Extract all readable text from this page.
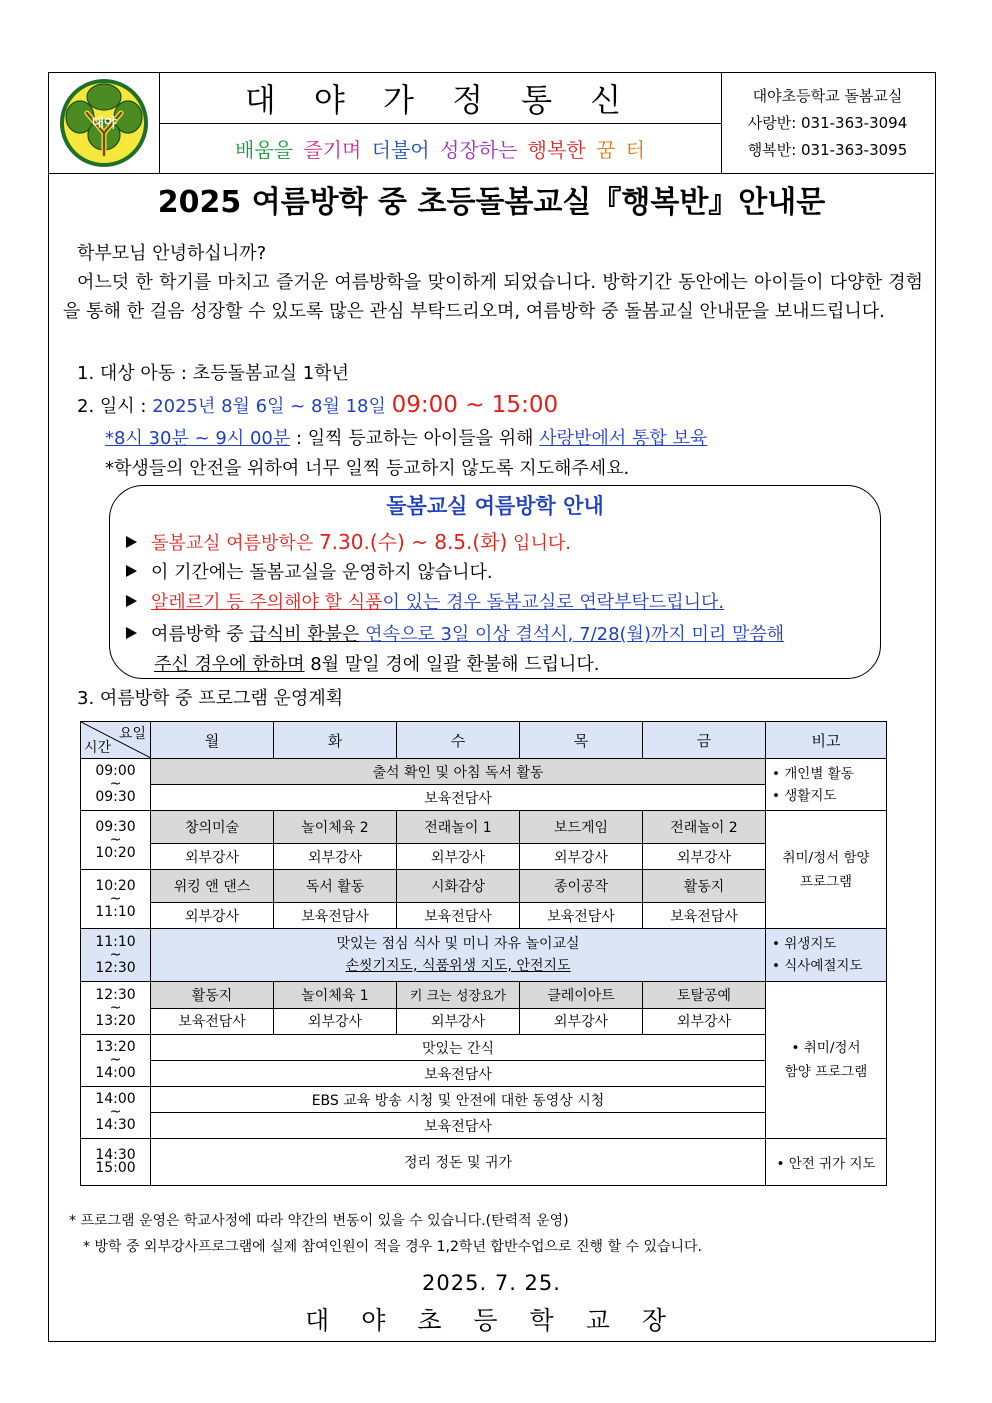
대야
대 야 가 정 통 신
배움을
즐기며
더불어
성장하는
행복한
꿈
터
대야초등학교 돌봄교실
사랑반: 031-363-3094
행복반: 031-363-3095
2025 여름방학 중 초등돌봄교실『행복반』안내문
학부모님 안녕하십니까?
어느덧 한 학기를 마치고 즐거운 여름방학을 맞이하게 되었습니다. 방학기간 동안에는 아이들이 다양한 경험을 통해 한 걸음 성장할 수 있도록 많은 관심 부탁드리오며, 여름방학 중 돌봄교실 안내문을 보내드립니다.
1. 대상 아동 : 초등돌봄교실 1학년
2. 일시 : 2025년 8월 6일 ~ 8월 18일 09:00 ~ 15:00
*8시 30분 ~ 9시 00분 : 일찍 등교하는 아이들을 위해 사랑반에서 통합 보육
*학생들의 안전을 위하여 너무 일찍 등교하지 않도록 지도해주세요.
돌봄교실 여름방학 안내
돌봄교실 여름방학은 7.30.(수) ~ 8.5.(화) 입니다.
이 기간에는 돌봄교실을 운영하지 않습니다.
알레르기 등 주의해야 할 식품이 있는 경우 돌봄교실로 연락부탁드립니다.
여름방학 중 급식비 환불은 연속으로 3일 이상 결석시, 7/28(월)까지 미리 말씀해
주신 경우에 한하며 8월 말일 경에 일괄 환불해 드립니다.
3. 여름방학 중 프로그램 운영계획
요일
시간	월	화	수	목	금	비고

09:00
~
09:30	출석 확인 및 아침 독서 활동					• 개인별 활동
• 생활지도

	보육전담사					

09:30
~
10:20	창의미술	놀이체육 2	전래놀이 1	보드게임	전래놀이 2	취미/정서 함양
프로그램

	외부강사	외부강사	외부강사	외부강사	외부강사	

10:20
~
11:10	위킹 앤 댄스	독서 활동	시화감상	종이공작	활동지	
	외부강사	보육전담사	보육전담사	보육전담사	보육전담사	

11:10
~
12:30	맛있는 점심 식사 및 미니 자유 놀이교실
손씻기지도, 식품위생 지도, 안전지도					• 위생지도
• 식사예절지도

12:30
~
13:20	활동지	놀이체육 1	키 크는 성장요가	클레이아트	토탈공예	• 취미/정서
함양 프로그램

	보육전담사	외부강사	외부강사	외부강사	외부강사	

13:20
~
14:00	맛있는 간식					
	보육전담사					

14:00
~
14:30	EBS 교육 방송 시청 및 안전에 대한 동영상 시청					
	보육전담사					

14:30
15:00	정리 정돈 및 귀가					• 안전 귀가 지도
* 프로그램 운영은 학교사정에 따라 약간의 변동이 있을 수 있습니다.(탄력적 운영)
* 방학 중 외부강사프로그램에 실제 참여인원이 적을 경우 1,2학년 합반수업으로 진행 할 수 있습니다.
2025. 7. 25.
대 야 초 등 학 교 장
